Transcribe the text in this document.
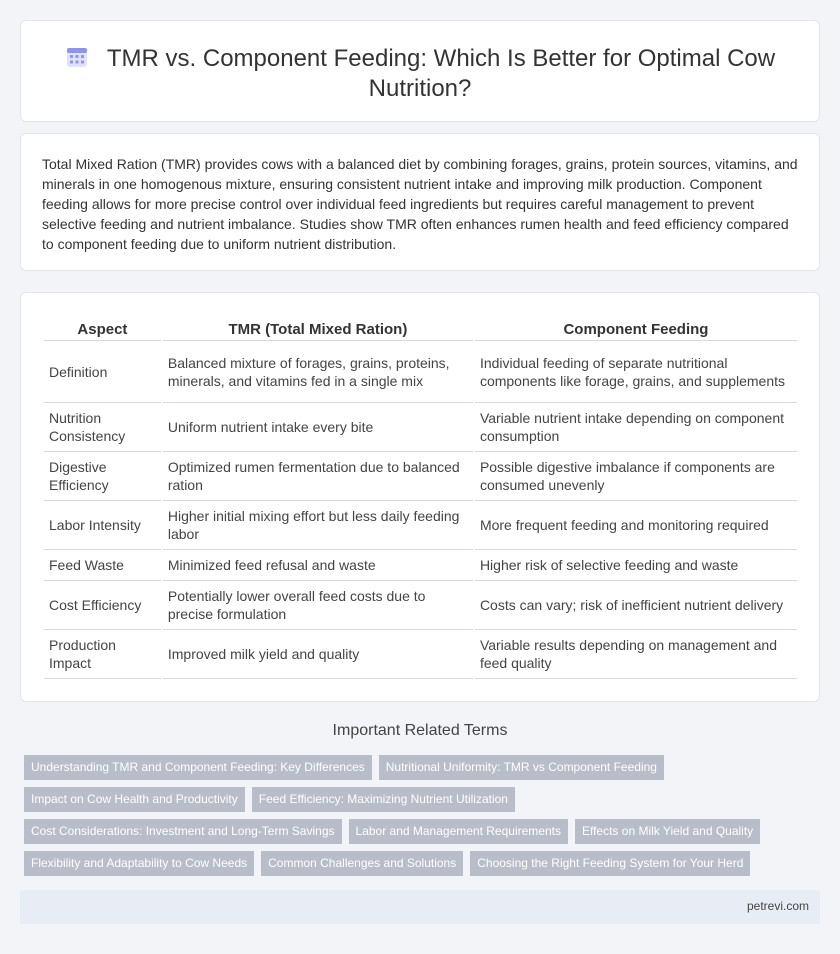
TMR vs. Component Feeding: Which Is Better for Optimal Cow Nutrition?

Total Mixed Ration (TMR) provides cows with a balanced diet by combining forages, grains, protein sources, vitamins, and minerals in one homogenous mixture, ensuring consistent nutrient intake and improving milk production. Component feeding allows for more precise control over individual feed ingredients but requires careful management to prevent selective feeding and nutrient imbalance. Studies show TMR often enhances rumen health and feed efficiency compared to component feeding due to uniform nutrient distribution.

Aspect	TMR (Total Mixed Ration)	Component Feeding
Definition	Balanced mixture of forages, grains, proteins, minerals, and vitamins fed in a single mix	Individual feeding of separate nutritional components like forage, grains, and supplements
Nutrition Consistency	Uniform nutrient intake every bite	Variable nutrient intake depending on component consumption
Digestive Efficiency	Optimized rumen fermentation due to balanced ration	Possible digestive imbalance if components are consumed unevenly
Labor Intensity	Higher initial mixing effort but less daily feeding labor	More frequent feeding and monitoring required
Feed Waste	Minimized feed refusal and waste	Higher risk of selective feeding and waste
Cost Efficiency	Potentially lower overall feed costs due to precise formulation	Costs can vary; risk of inefficient nutrient delivery
Production Impact	Improved milk yield and quality	Variable results depending on management and feed quality
Important Related Terms
Understanding TMR and Component Feeding: Key Differences	Nutritional Uniformity: TMR vs Component Feeding
Impact on Cow Health and Productivity	Feed Efficiency: Maximizing Nutrient Utilization
Cost Considerations: Investment and Long-Term Savings	Labor and Management Requirements	Effects on Milk Yield and Quality
Flexibility and Adaptability to Cow Needs	Common Challenges and Solutions	Choosing the Right Feeding System for Your Herd
petrevi.com
